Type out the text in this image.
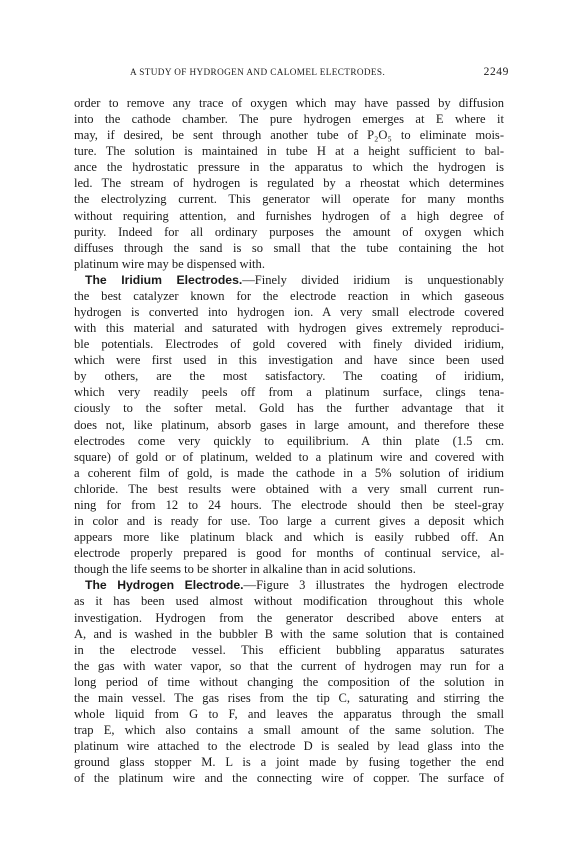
A STUDY OF HYDROGEN AND CALOMEL ELECTRODES.	2249
order to remove any trace of oxygen which may have passed by diffusion
into the cathode chamber. The pure hydrogen emerges at E where it
may, if desired, be sent through another tube of P₂O₅ to eliminate mois-
ture. The solution is maintained in tube H at a height sufficient to bal-
ance the hydrostatic pressure in the apparatus to which the hydrogen is
led. The stream of hydrogen is regulated by a rheostat which determines
the electrolyzing current. This generator will operate for many months
without requiring attention, and furnishes hydrogen of a high degree of
purity. Indeed for all ordinary purposes the amount of oxygen which
diffuses through the sand is so small that the tube containing the hot
platinum wire may be dispensed with.
The Iridium Electrodes.—Finely divided iridium is unquestionably
the best catalyzer known for the electrode reaction in which gaseous
hydrogen is converted into hydrogen ion. A very small electrode covered
with this material and saturated with hydrogen gives extremely reproduci-
ble potentials. Electrodes of gold covered with finely divided iridium,
which were first used in this investigation and have since been used
by others, are the most satisfactory. The coating of iridium,
which very readily peels off from a platinum surface, clings tena-
ciously to the softer metal. Gold has the further advantage that it
does not, like platinum, absorb gases in large amount, and therefore these
electrodes come very quickly to equilibrium. A thin plate (1.5 cm.
square) of gold or of platinum, welded to a platinum wire and covered with
a coherent film of gold, is made the cathode in a 5% solution of iridium
chloride. The best results were obtained with a very small current run-
ning for from 12 to 24 hours. The electrode should then be steel-gray
in color and is ready for use. Too large a current gives a deposit which
appears more like platinum black and which is easily rubbed off. An
electrode properly prepared is good for months of continual service, al-
though the life seems to be shorter in alkaline than in acid solutions.
The Hydrogen Electrode.—Figure 3 illustrates the hydrogen electrode
as it has been used almost without modification throughout this whole
investigation. Hydrogen from the generator described above enters at
A, and is washed in the bubbler B with the same solution that is contained
in the electrode vessel. This efficient bubbling apparatus saturates
the gas with water vapor, so that the current of hydrogen may run for a
long period of time without changing the composition of the solution in
the main vessel. The gas rises from the tip C, saturating and stirring the
whole liquid from G to F, and leaves the apparatus through the small
trap E, which also contains a small amount of the same solution. The
platinum wire attached to the electrode D is sealed by lead glass into the
ground glass stopper M. L is a joint made by fusing together the end
of the platinum wire and the connecting wire of copper. The surface of
